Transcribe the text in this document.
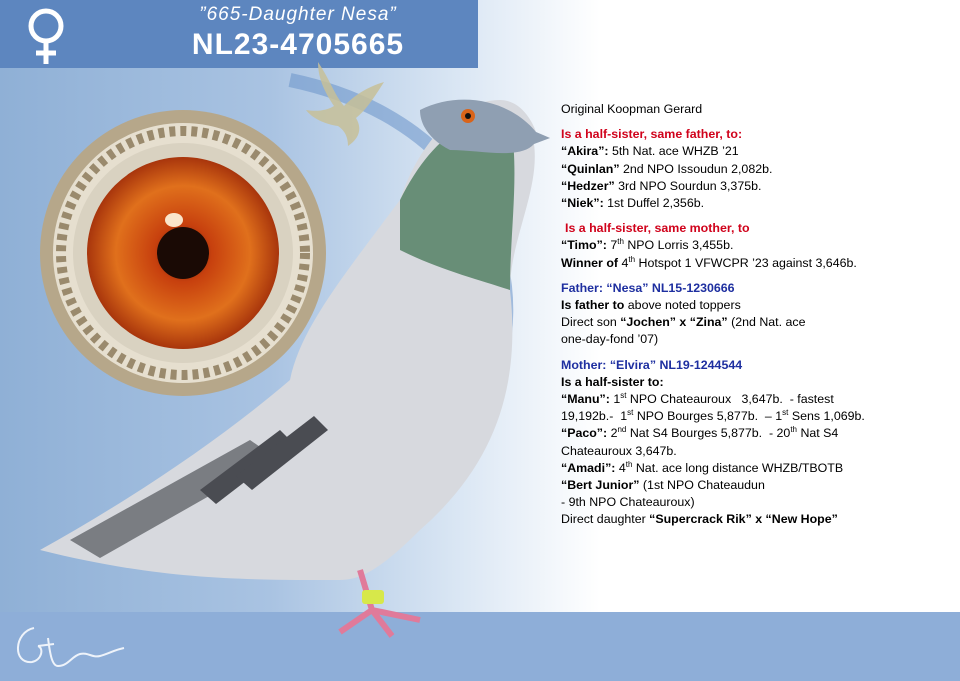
”665-Daughter Nesa”
NL23-4705665

Original Koopman Gerard

Is a half-sister, same father, to:

“Akira”: 5th Nat. ace WHZB ’21

“Quinlan” 2nd NPO Issoudun 2,082b.

“Hedzer” 3rd NPO Sourdun 3,375b.

“Niek”: 1st Duffel 2,356b.

Is a half-sister, same mother, to

“Timo”: 7th NPO Lorris 3,455b.

Winner of 4th Hotspot 1 VFWCPR ’23 against 3,646b.

Father: “Nesa” NL15-1230666

Is father to above noted toppers

Direct son “Jochen” x “Zina” (2nd Nat. ace

one-day-fond ’07)

Mother: “Elvira” NL19-1244544

Is a half-sister to:

“Manu”: 1st NPO Chateauroux   3,647b.  - fastest

19,192b.-  1st NPO Bourges 5,877b.  – 1st Sens 1,069b.

“Paco”: 2nd Nat S4 Bourges 5,877b.  - 20th Nat S4

Chateauroux 3,647b.

“Amadi”: 4th Nat. ace long distance WHZB/TBOTB

“Bert Junior” (1st NPO Chateaudun

- 9th NPO Chateauroux)

Direct daughter “Supercrack Rik” x “New Hope”
